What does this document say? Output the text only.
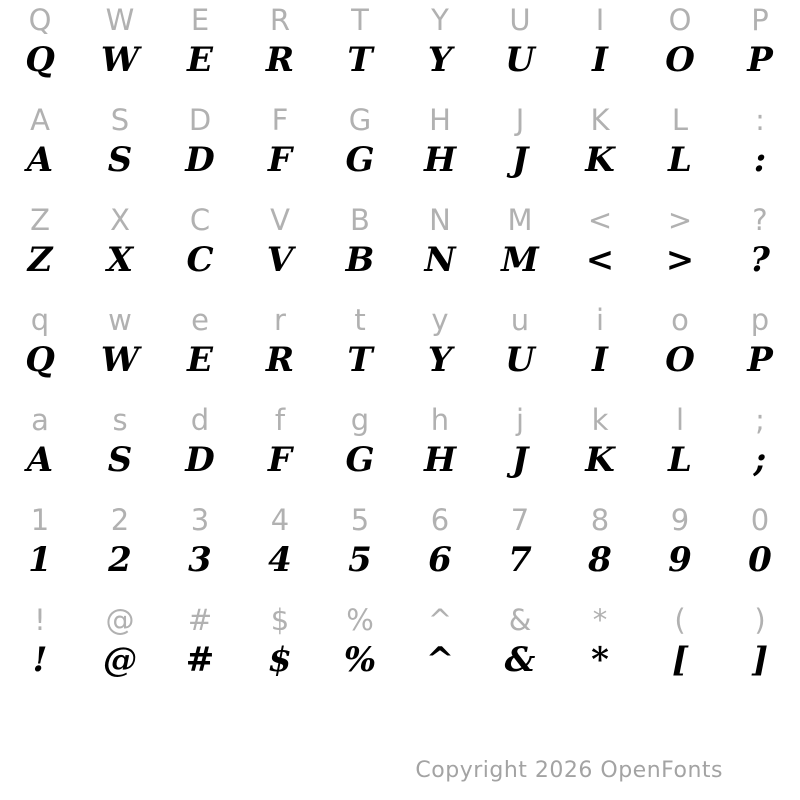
Q	W	E	R	T	Y	U	I	O	P
Q	W	E	R	T	Y	U	I	O	P
A	S	D	F	G	H	J	K	L	:
A	S	D	F	G	H	J	K	L	:
Z	X	C	V	B	N	M	<	>	?
Z	X	C	V	B	N	M	<	>	?
q	w	e	r	t	y	u	i	o	p
Q	W	E	R	T	Y	U	I	O	P
a	s	d	f	g	h	j	k	l	;
A	S	D	F	G	H	J	K	L	;
1	2	3	4	5	6	7	8	9	0
1	2	3	4	5	6	7	8	9	0
!	@	#	$	%	^	&	*	(	)
!	@	#	$	%	^	&	*	[	]
Copyright 2026 OpenFonts
